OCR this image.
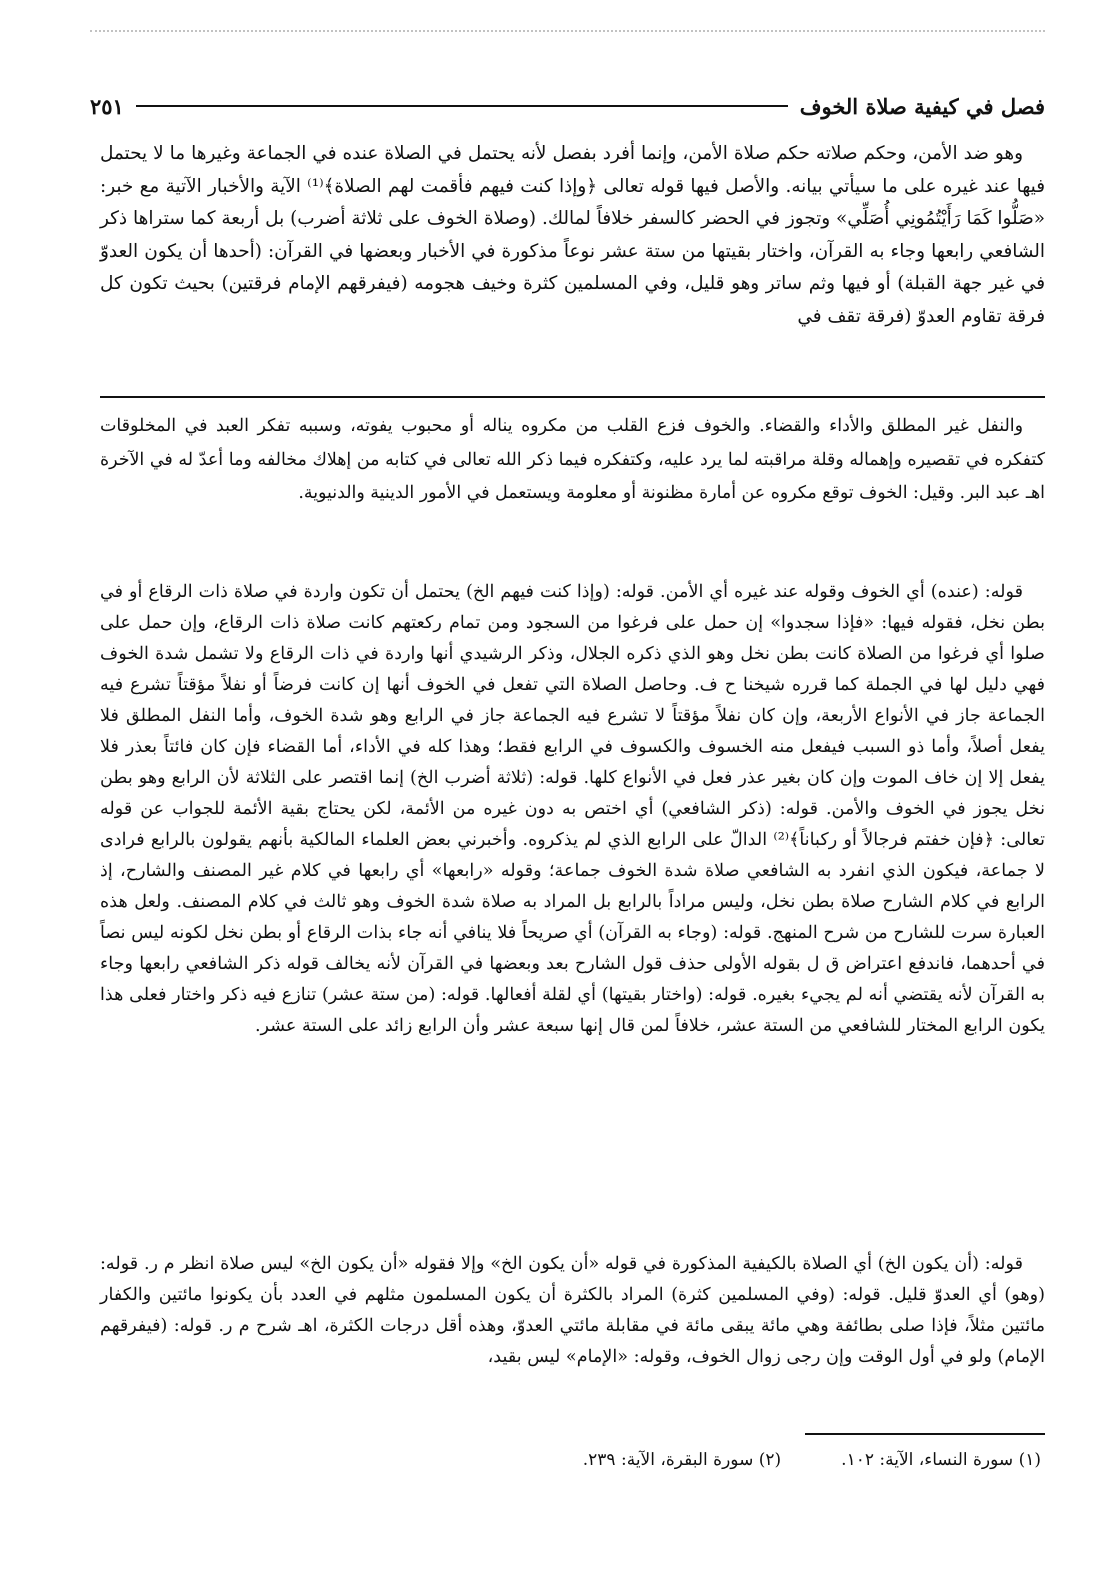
فصل في كيفية صلاة الخوف
٢٥١

وهو ضد الأمن، وحكم صلاته حكم صلاة الأمن، وإنما أفرد بفصل لأنه يحتمل في الصلاة عنده في الجماعة وغيرها ما لا يحتمل فيها عند غيره على ما سيأتي بيانه. والأصل فيها قوله تعالى ﴿وإذا كنت فيهم فأقمت لهم الصلاة﴾⁽¹⁾ الآية والأخبار الآتية مع خبر: «صَلُّوا كَمَا رَأَيْتُمُونِي أُصَلِّي» وتجوز في الحضر كالسفر خلافاً لمالك. (وصلاة الخوف على ثلاثة أضرب) بل أربعة كما ستراها ذكر الشافعي رابعها وجاء به القرآن، واختار بقيتها من ستة عشر نوعاً مذكورة في الأخبار وبعضها في القرآن: (أحدها أن يكون العدوّ في غير جهة القبلة) أو فيها وثم ساتر وهو قليل، وفي المسلمين كثرة وخيف هجومه (فيفرقهم الإمام فرقتين) بحيث تكون كل فرقة تقاوم العدوّ (فرقة تقف في

والنفل غير المطلق والأداء والقضاء. والخوف فزع القلب من مكروه يناله أو محبوب يفوته، وسببه تفكر العبد في المخلوقات كتفكره في تقصيره وإهماله وقلة مراقبته لما يرد عليه، وكتفكره فيما ذكر الله تعالى في كتابه من إهلاك مخالفه وما أعدّ له في الآخرة اهـ عبد البر. وقيل: الخوف توقع مكروه عن أمارة مظنونة أو معلومة ويستعمل في الأمور الدينية والدنيوية.

قوله: (عنده) أي الخوف وقوله عند غيره أي الأمن. قوله: (وإذا كنت فيهم الخ) يحتمل أن تكون واردة في صلاة ذات الرقاع أو في بطن نخل، فقوله فيها: «فإذا سجدوا» إن حمل على فرغوا من السجود ومن تمام ركعتهم كانت صلاة ذات الرقاع، وإن حمل على صلوا أي فرغوا من الصلاة كانت بطن نخل وهو الذي ذكره الجلال، وذكر الرشيدي أنها واردة في ذات الرقاع ولا تشمل شدة الخوف فهي دليل لها في الجملة كما قرره شيخنا ح ف. وحاصل الصلاة التي تفعل في الخوف أنها إن كانت فرضاً أو نفلاً مؤقتاً تشرع فيه الجماعة جاز في الأنواع الأربعة، وإن كان نفلاً مؤقتاً لا تشرع فيه الجماعة جاز في الرابع وهو شدة الخوف، وأما النفل المطلق فلا يفعل أصلاً، وأما ذو السبب فيفعل منه الخسوف والكسوف في الرابع فقط؛ وهذا كله في الأداء، أما القضاء فإن كان فائتاً بعذر فلا يفعل إلا إن خاف الموت وإن كان بغير عذر فعل في الأنواع كلها. قوله: (ثلاثة أضرب الخ) إنما اقتصر على الثلاثة لأن الرابع وهو بطن نخل يجوز في الخوف والأمن. قوله: (ذكر الشافعي) أي اختص به دون غيره من الأئمة، لكن يحتاج بقية الأئمة للجواب عن قوله تعالى: ﴿فإن خفتم فرجالاً أو ركباناً﴾⁽²⁾ الدالّ على الرابع الذي لم يذكروه. وأخبرني بعض العلماء المالكية بأنهم يقولون بالرابع فرادى لا جماعة، فيكون الذي انفرد به الشافعي صلاة شدة الخوف جماعة؛ وقوله «رابعها» أي رابعها في كلام غير المصنف والشارح، إذ الرابع في كلام الشارح صلاة بطن نخل، وليس مراداً بالرابع بل المراد به صلاة شدة الخوف وهو ثالث في كلام المصنف. ولعل هذه العبارة سرت للشارح من شرح المنهج. قوله: (وجاء به القرآن) أي صريحاً فلا ينافي أنه جاء بذات الرقاع أو بطن نخل لكونه ليس نصاً في أحدهما، فاندفع اعتراض ق ل بقوله الأولى حذف قول الشارح بعد وبعضها في القرآن لأنه يخالف قوله ذكر الشافعي رابعها وجاء به القرآن لأنه يقتضي أنه لم يجيء بغيره. قوله: (واختار بقيتها) أي لقلة أفعالها. قوله: (من ستة عشر) تنازع فيه ذكر واختار فعلى هذا يكون الرابع المختار للشافعي من الستة عشر، خلافاً لمن قال إنها سبعة عشر وأن الرابع زائد على الستة عشر.

قوله: (أن يكون الخ) أي الصلاة بالكيفية المذكورة في قوله «أن يكون الخ» وإلا فقوله «أن يكون الخ» ليس صلاة انظر م ر. قوله: (وهو) أي العدوّ قليل. قوله: (وفي المسلمين كثرة) المراد بالكثرة أن يكون المسلمون مثلهم في العدد بأن يكونوا مائتين والكفار مائتين مثلاً، فإذا صلى بطائفة وهي مائة يبقى مائة في مقابلة مائتي العدوّ، وهذه أقل درجات الكثرة، اهـ شرح م ر. قوله: (فيفرقهم الإمام) ولو في أول الوقت وإن رجى زوال الخوف، وقوله: «الإمام» ليس بقيد،

(١) سورة النساء، الآية: ١٠٢.
(٢) سورة البقرة، الآية: ٢٣٩.
